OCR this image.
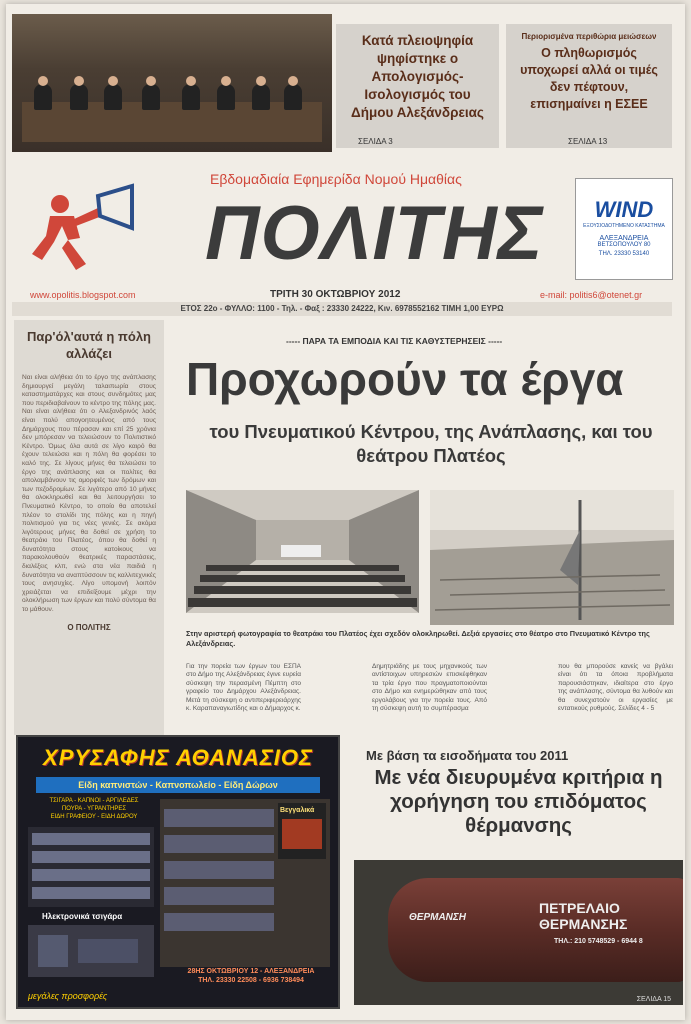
Κατά πλειοψηφία ψηφίστηκε ο Απολογισμός- Ισολογισμός του Δήμου Αλεξάνδρειας
ΣΕΛΙΔΑ 3
Περιορισμένα περιθώρια μειώσεων
Ο πληθωρισμός υποχωρεί αλλά οι τιμές δεν πέφτουν, επισημαίνει η ΕΣΕΕ
ΣΕΛΙΔΑ 13
Εβδομαδιαία Εφημερίδα Νομού Ημαθίας
ΠΟΛΙΤΗΣ	WIND
ΕΞΟΥΣΙΟΔΟΤΗΜΕΝΟ ΚΑΤΑΣΤΗΜΑ
ΑΛΕΞΑΝΔΡΕΙΑ
ΒΕΤΣΟΠΟΥΛΟΥ 80
ΤΗΛ. 23330 53140
www.opolitis.blogspot.com	ΤΡΙΤΗ 30 ΟΚΤΩΒΡΙΟΥ 2012	e-mail: politis6@otenet.gr
ΕΤΟΣ 22ο - ΦΥΛΛΟ: 1100 - Τηλ. - Φαξ : 23330 24222, Κιν. 6978552162 ΤΙΜΗ 1,00 ΕΥΡΩ
Παρ'όλ'αυτά η πόλη αλλάζει
Ναι είναι αλήθεια ότι το έργο της ανάπλασης δημιουργεί μεγάλη ταλαιπωρία στους καταστηματάρχες και στους συνδημότες μας που περιδιαβαίνουν το κέντρο της πόλης μας. Ναι είναι αλήθεια ότι ο Αλεξανδρινός λαός είναι πολύ απογοητευμένος από τους Δημάρχους που πέρασαν και επί 25 χρόνια δεν μπόρεσαν να τελειώσουν το Πολιτιστικό Κέντρο. Όμως όλα αυτά σε λίγο καιρό θα έχουν τελειώσει και η πόλη θα φορέσει το καλό της. Σε λίγους μήνες θα τελειώσει το έργο της ανάπλασης και οι πολίτες θα απολαμβάνουν τις ομορφιές των δρόμων και των πεζοδρομίων. Σε λιγότερο από 10 μήνες θα ολοκληρωθεί και θα λειτουργήσει το Πνευματικό Κέντρο, το οποίο θα αποτελεί πλέον το στολίδι της πόλης και η πηγή πολιτισμού για τις νέες γενιές. Σε ακόμα λιγότερους μήνες θα δοθεί σε χρήση το θεατράκι του Πλατέος, όπου θα δοθεί η δυνατότητα στους κατοίκους να παρακολουθούν θεατρικές παραστάσεις, διαλέξεις κλπ, ενώ στα νέα παιδιά η δυνατότητα να αναπτύσσουν τις καλλιτεχνικές τους ανησυχίες. Λίγο υπομονή λοιπόν χρειάζεται να επιδείξουμε μέχρι την ολοκλήρωση των έργων και πολύ σύντομα θα το μάθουν.
Ο ΠΟΛΙΤΗΣ
----- ΠΑΡΑ ΤΑ ΕΜΠΟΔΙΑ ΚΑΙ ΤΙΣ ΚΑΘΥΣΤΕΡΗΣΕΙΣ -----
Προχωρούν τα έργα
του Πνευματικού Κέντρου, της Ανάπλασης, και του θεάτρου Πλατέος
Στην αριστερή φωτογραφία το θεατράκι του Πλατέος έχει σχεδόν ολοκληρωθεί. Δεξιά εργασίες στο θέατρο στο Πνευματικό Κέντρο της Αλεξάνδρειας.
Για την πορεία των έργων του ΕΣΠΑ στο Δήμο της Αλεξάνδρειας έγινε ευρεία σύσκεψη την περασμένη Πέμπτη στο γραφείο του Δημάρχου Αλεξάνδρειας. Μετά τη σύσκεψη ο αντιπεριφερειάρχης κ. Καραπαναγιωτίδης και ο Δήμαρχος κ.
Δημητριάδης με τους μηχανικούς των αντίστοιχων υπηρεσιών επισκέφθηκαν τα τρία έργο που πραγματοποιούνται στο Δήμο και ενημερώθηκαν από τους εργολάβους για την πορεία τους. Από τη σύσκεψη αυτή το συμπέρασμα
που θα μπορούσε κανείς να βγάλει είναι ότι τα όποια προβλήματα παρουσιάστηκαν, ιδιαίτερα στο έργο της ανάπλασης, σύντομα θα λυθούν και θα συνεχιστούν οι εργασίες με εντατικούς ρυθμούς. Σελίδες 4 - 5
ΧΡΥΣΑΦΗΣ ΑΘΑΝΑΣΙΟΣ
Είδη καπνιστών - Καπνοπωλείο - Είδη Δώρων
ΤΣΙΓΑΡΑ - ΚΑΠΝΟΙ - ΑΡΓΙΛΕΔΕΣ
ΠΟΥΡΑ - ΥΓΡΑΝΤΗΡΕΣ
ΕΙΔΗ ΓΡΑΦΕΙΟΥ - ΕΙΔΗ ΔΩΡΟΥ
Ηλεκτρονικά τσιγάρα
Βεγγαλικά
28ΗΣ ΟΚΤΩΒΡΙΟΥ 12 - ΑΛΕΞΑΝΔΡΕΙΑ
ΤΗΛ. 23330 22508 - 6936 738494
μεγάλες προσφορές
Με βάση τα εισοδήματα του 2011
Με νέα διευρυμένα κριτήρια η χορήγηση του επιδόματος θέρμανσης
ΘΕΡΜΑΝΣΗ
ΠΕΤΡΕΛΑΙΟ ΘΕΡΜΑΝΣΗΣ
ΤΗΛ.: 210 5748529 - 6944 8
ΣΕΛΙΔΑ 15
